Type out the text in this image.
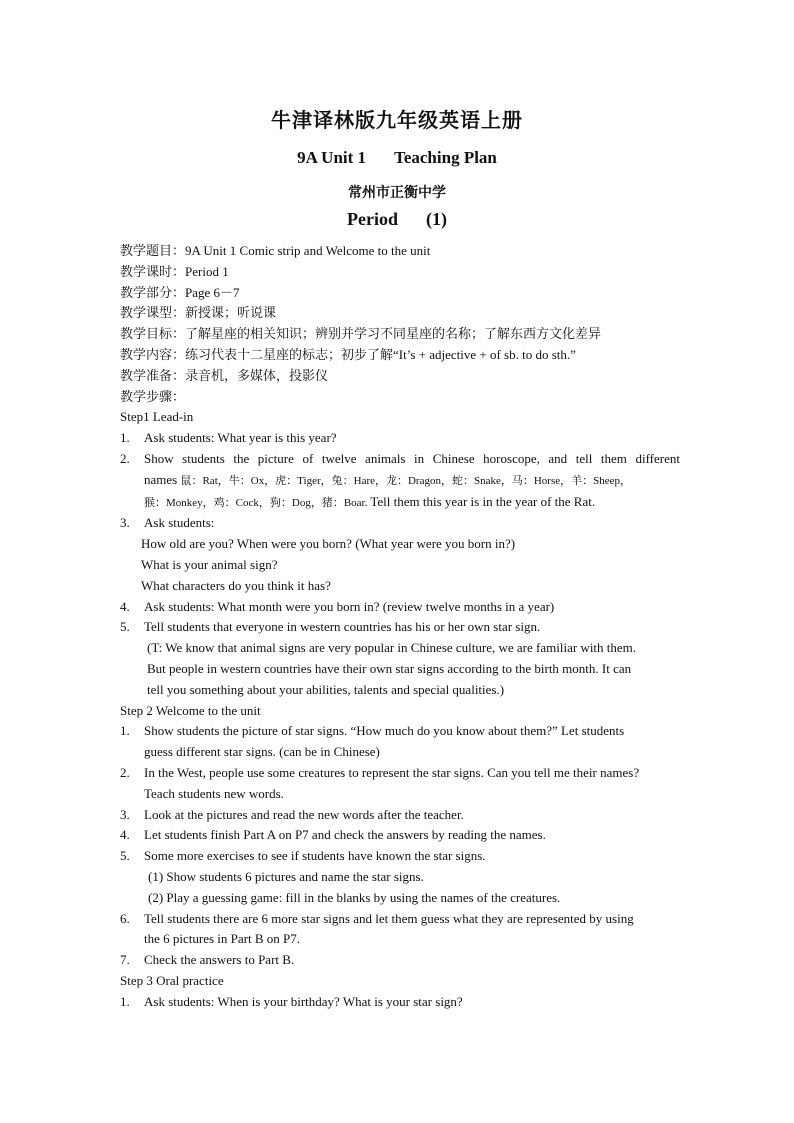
牛津译林版九年级英语上册
9A Unit 1 Teaching Plan
常州市正衡中学
Period (1)
教学题目：9A Unit 1 Comic strip and Welcome to the unit
教学课时：Period 1
教学部分：Page 6－7
教学课型：新授课；听说课
教学目标：了解星座的相关知识；辨别并学习不同星座的名称；了解东西方文化差异
教学内容：练习代表十二星座的标志；初步了解“It’s + adjective + of sb. to do sth.”
教学准备：录音机，多媒体，投影仪
教学步骤：
Step1 Lead-in
1.	Ask students: What year is this year?
2.	Show students the picture of twelve animals in Chinese horoscope, and tell them different
names 鼠：Rat，牛：Ox，虎：Tiger，兔：Hare，龙：Dragon，蛇：Snake，马：Horse，羊：Sheep，
猴：Monkey，鸡：Cock，狗：Dog，猪：Boar. Tell them this year is in the year of the Rat.
3.	Ask students:
How old are you? When were you born? (What year were you born in?)
What is your animal sign?
What characters do you think it has?
4.	Ask students: What month were you born in? (review twelve months in a year)
5.	Tell students that everyone in western countries has his or her own star sign.
(T: We know that animal signs are very popular in Chinese culture, we are familiar with them.
But people in western countries have their own star signs according to the birth month. It can
tell you something about your abilities, talents and special qualities.)
Step 2 Welcome to the unit
1.	Show students the picture of star signs. “How much do you know about them?” Let students
guess different star signs. (can be in Chinese)
2.	In the West, people use some creatures to represent the star signs. Can you tell me their names?
Teach students new words.
3.	Look at the pictures and read the new words after the teacher.
4.	Let students finish Part A on P7 and check the answers by reading the names.
5.	Some more exercises to see if students have known the star signs.
(1) Show students 6 pictures and name the star signs.
(2) Play a guessing game: fill in the blanks by using the names of the creatures.
6.	Tell students there are 6 more star signs and let them guess what they are represented by using
the 6 pictures in Part B on P7.
7.	Check the answers to Part B.
Step 3 Oral practice
1.	Ask students: When is your birthday? What is your star sign?
